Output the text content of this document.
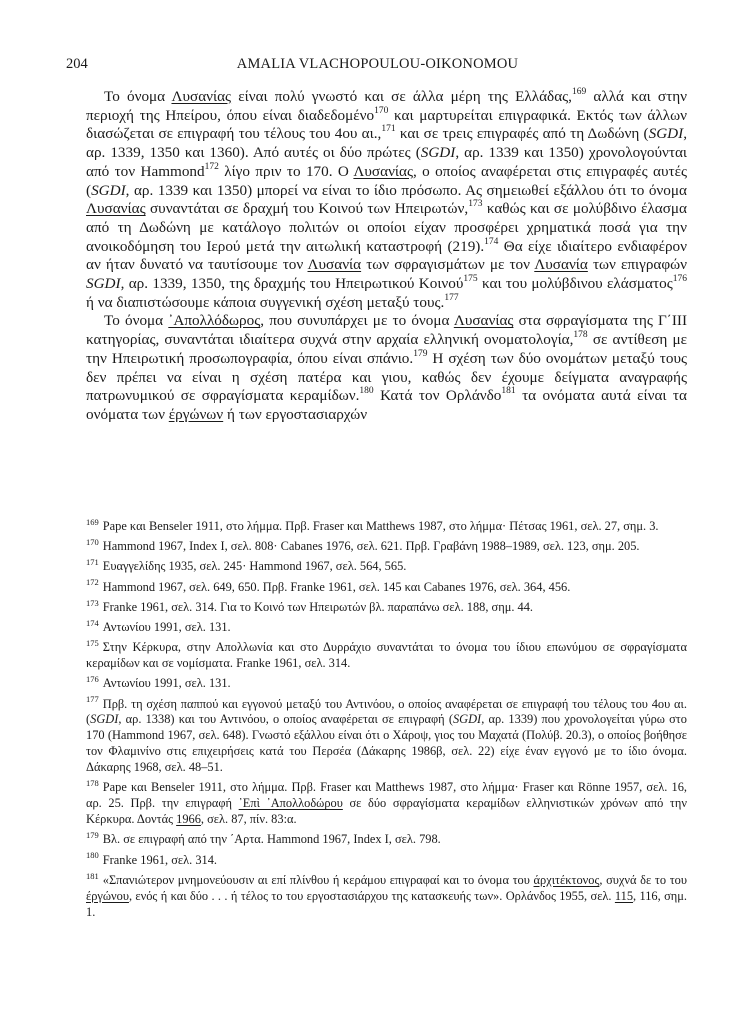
204	AMALIA VLACHOPOULOU-OIKONOMOU

Το όνομα Λυσανίας είναι πολύ γνωστό και σε άλλα μέρη της Ελλάδας,$^{169}$ αλλά και στην περιοχή της Ηπείρου, όπου είναι διαδεδομένο$^{170}$ και μαρτυρείται επιγραφικά. Εκτός των άλλων διασώζεται σε επιγραφή του τέλους του 4ου αι.,$^{171}$ και σε τρεις επιγραφές από τη Δωδώνη (SGDI, αρ. 1339, 1350 και 1360). Από αυτές οι δύο πρώτες (SGDI, αρ. 1339 και 1350) χρονολογούνται από τον Hammond$^{172}$ λίγο πριν το 170. Ο Λυσανίας, ο οποίος αναφέρεται στις επιγραφές αυτές (SGDI, αρ. 1339 και 1350) μπορεί να είναι το ίδιο πρόσωπο. Ας σημειωθεί εξάλλου ότι το όνομα Λυσανίας συναντάται σε δραχμή του Κοινού των Ηπειρωτών,$^{173}$ καθώς και σε μολύβδινο έλασμα από τη Δωδώνη με κατάλογο πολιτών οι οποίοι είχαν προσφέρει χρηματικά ποσά για την ανοικοδόμηση του Ιερού μετά την αιτωλική καταστροφή (219).$^{174}$ Θα είχε ιδιαίτερο ενδιαφέρον αν ήταν δυνατό να ταυτίσουμε τον Λυσανία των σφραγισμάτων με τον Λυσανία των επιγραφών SGDI, αρ. 1339, 1350, της δραχμής του Ηπειρωτικού Κοινού$^{175}$ και του μολύβδινου ελάσματος$^{176}$ ή να διαπιστώσουμε κάποια συγγενική σχέση μεταξύ τους.$^{177}$

Το όνομα ᾿Απολλόδωρος, που συνυπάρχει με το όνομα Λυσανίας στα σφραγίσματα της Γ΄ΙΙΙ κατηγορίας, συναντάται ιδιαίτερα συχνά στην αρχαία ελληνική ονοματολογία,$^{178}$ σε αντίθεση με την Ηπειρωτική προσωπογραφία, όπου είναι σπάνιο.$^{179}$ Η σχέση των δύο ονομάτων μεταξύ τους δεν πρέπει να είναι η σχέση πατέρα και γιου, καθώς δεν έχουμε δείγματα αναγραφής πατρωνυμικού σε σφραγίσματα κεραμίδων.$^{180}$ Κατά τον Ορλάνδο$^{181}$ τα ονόματα αυτά είναι τα ονόματα των έργώνων ή των εργοστασιαρχών

$^{169}$ Pape και Benseler 1911, στο λήμμα. Πρβ. Fraser και Matthews 1987, στο λήμμα· Πέτσας 1961, σελ. 27, σημ. 3.
$^{170}$ Hammond 1967, Index I, σελ. 808· Cabanes 1976, σελ. 621. Πρβ. Γραβάνη 1988–1989, σελ. 123, σημ. 205.
$^{171}$ Ευαγγελίδης 1935, σελ. 245· Hammond 1967, σελ. 564, 565.
$^{172}$ Hammond 1967, σελ. 649, 650. Πρβ. Franke 1961, σελ. 145 και Cabanes 1976, σελ. 364, 456.
$^{173}$ Franke 1961, σελ. 314. Για το Κοινό των Ηπειρωτών βλ. παραπάνω σελ. 188, σημ. 44.
$^{174}$ Αντωνίου 1991, σελ. 131.
$^{175}$ Στην Κέρκυρα, στην Απολλωνία και στο Δυρράχιο συναντάται το όνομα του ίδιου επωνύμου σε σφραγίσματα κεραμίδων και σε νομίσματα. Franke 1961, σελ. 314.
$^{176}$ Αντωνίου 1991, σελ. 131.
$^{177}$ Πρβ. τη σχέση παππού και εγγονού μεταξύ του Αντινόου, ο οποίος αναφέρεται σε επιγραφή του τέλους του 4ου αι. (SGDI, αρ. 1338) και του Αντινόου, ο οποίος αναφέρεται σε επιγραφή (SGDI, αρ. 1339) που χρονολογείται γύρω στο 170 (Hammond 1967, σελ. 648). Γνωστό εξάλλου είναι ότι ο Χάροψ, γιος του Μαχατά (Πολύβ. 20.3), ο οποίος βοήθησε τον Φλαμινίνο στις επιχειρήσεις κατά του Περσέα (Δάκαρης 1986β, σελ. 22) είχε έναν εγγονό με το ίδιο όνομα. Δάκαρης 1968, σελ. 48–51.
$^{178}$ Pape και Benseler 1911, στο λήμμα. Πρβ. Fraser και Matthews 1987, στο λήμμα· Fraser και Rönne 1957, σελ. 16, αρ. 25. Πρβ. την επιγραφή ᾿Επὶ ᾿Απολλοδώρου σε δύο σφραγίσματα κεραμίδων ελληνιστικών χρόνων από την Κέρκυρα. Δοντάς 1966, σελ. 87, πίν. 83:α.
$^{179}$ Βλ. σε επιγραφή από την ΄Αρτα. Hammond 1967, Index I, σελ. 798.
$^{180}$ Franke 1961, σελ. 314.
$^{181}$ «Σπανιώτερον μνημονεύουσιν αι επί πλίνθου ή κεράμου επιγραφαί και το όνομα του άρχιτέκτονος, συχνά δε το του έργώνου, ενός ή και δύο . . . ή τέλος το του εργοστασιάρχου της κατασκευής των». Ορλάνδος 1955, σελ. 115, 116, σημ. 1.
